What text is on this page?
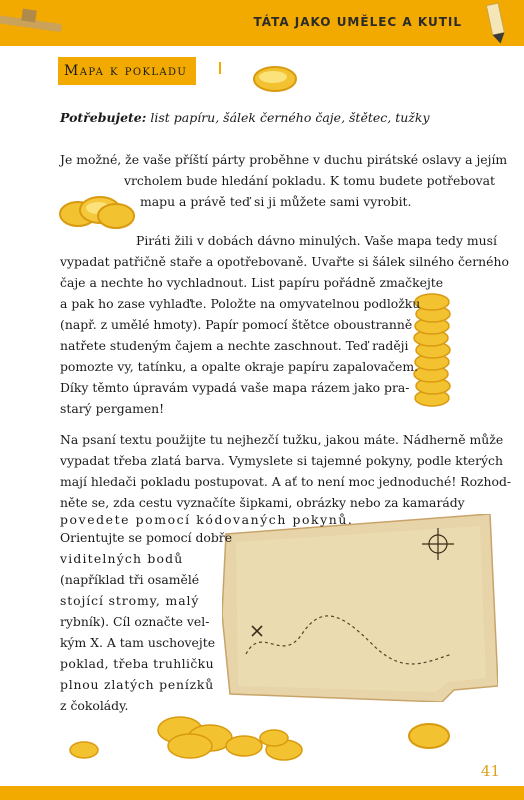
TÁTA JAKO UMĚLEC A KUTIL
Mapa k pokladu
Potřebujete: list papíru, šálek černého čaje, štětec, tužky
Je možné, že vaše příští párty proběhne v duchu pirátské oslavy a jejím
vrcholem bude hledání pokladu. K tomu budete potřebovat
mapu a právě teď si ji můžete sami vyrobit.
Piráti žili v dobách dávno minulých. Vaše mapa tedy musí
vypadat patřičně staře a opotřebovaně. Uvařte si šálek silného černého
čaje a nechte ho vychladnout. List papíru pořádně zmačkejte
a pak ho zase vyhlaďte. Položte na omyvatelnou podložku
(např. z umělé hmoty). Papír pomocí štětce oboustranně
natřete studeným čajem a nechte zaschnout. Teď raději
pomozte vy, tatínku, a opalte okraje papíru zapalovačem.
Díky těmto úpravám vypadá vaše mapa rázem jako pra-
starý pergamen!
Na psaní textu použijte tu nejhezčí tužku, jakou máte. Nádherně může
vypadat třeba zlatá barva. Vymyslete si tajemné pokyny, podle kterých
mají hledači pokladu postupovat. A ať to není moc jednoduché! Rozhod-
něte se, zda cestu vyznačíte šipkami, obrázky nebo za kamarády
povedete pomocí kódovaných pokynů.
Orientujte se pomocí dobře
viditelných bodů
(například tři osamělé
stojící stromy, malý
rybník). Cíl označte vel-
kým X. A tam uschovejte
poklad, třeba truhličku
plnou zlatých penízků
z čokolády.
41
